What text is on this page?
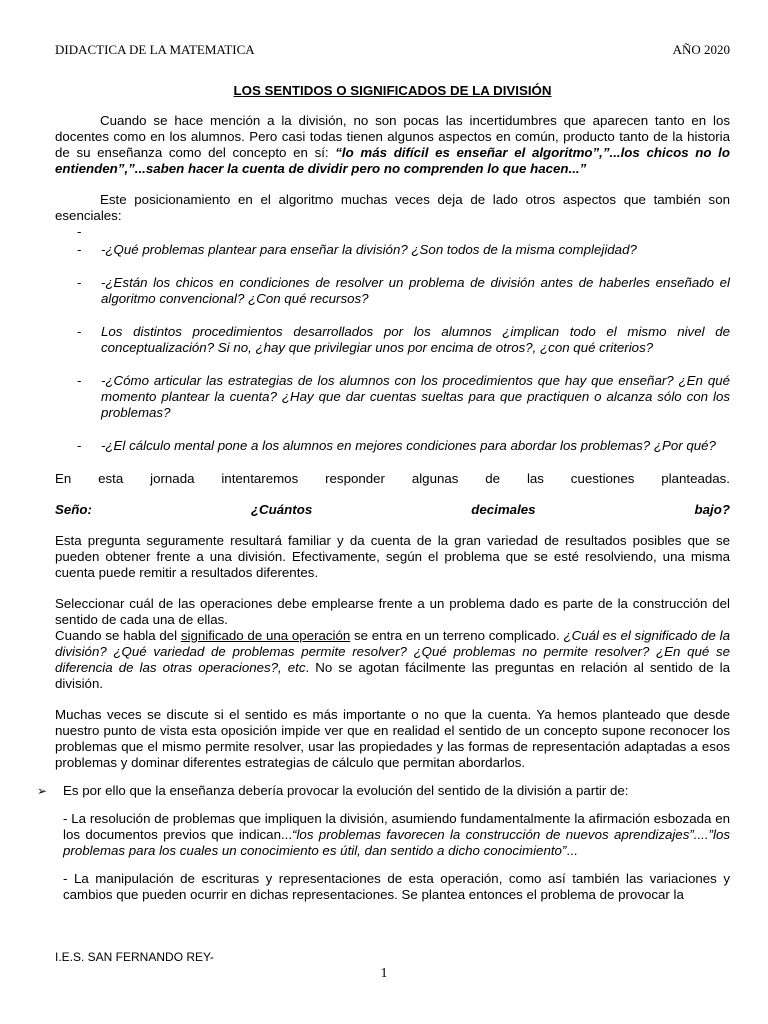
DIDACTICA DE LA MATEMATICA	AÑO 2020
LOS SENTIDOS O SIGNIFICADOS DE LA DIVISIÓN

Cuando se hace mención a la división, no son pocas las incertidumbres que aparecen tanto en los docentes como en los alumnos. Pero casi todas tienen algunos aspectos en común, producto tanto de la historia de su enseñanza como del concepto en sí: “lo más difícil es enseñar el algoritmo”,”...los chicos no lo entienden”,”...saben hacer la cuenta de dividir pero no comprenden lo que hacen...”

Este posicionamiento en el algoritmo muchas veces deja de lado otros aspectos que también son esenciales:

-
- -¿Qué problemas plantear para enseñar la división? ¿Son todos de la misma complejidad?
- -¿Están los chicos en condiciones de resolver un problema de división antes de haberles enseñado el algoritmo convencional? ¿Con qué recursos?
- Los distintos procedimientos desarrollados por los alumnos ¿implican todo el mismo nivel de conceptualización? Si no, ¿hay que privilegiar unos por encima de otros?, ¿con qué criterios?
- -¿Cómo articular las estrategias de los alumnos con los procedimientos que hay que enseñar? ¿En qué momento plantear la cuenta? ¿Hay que dar cuentas sueltas para que practiquen o alcanza sólo con los problemas?
- -¿El cálculo mental pone a los alumnos en mejores condiciones para abordar los problemas? ¿Por qué?

En esta jornada intentaremos responder algunas de las cuestiones planteadas.

Seño:	¿Cuántos decimales bajo?

Esta pregunta seguramente resultará familiar y da cuenta de la gran variedad de resultados posibles que se pueden obtener frente a una división. Efectivamente, según el problema que se esté resolviendo, una misma cuenta puede remitir a resultados diferentes.

Seleccionar cuál de las operaciones debe emplearse frente a un problema dado es parte de la construcción del sentido de cada una de ellas.

Cuando se habla del significado de una operación se entra en un terreno complicado. ¿Cuál es el significado de la división? ¿Qué variedad de problemas permite resolver? ¿Qué problemas no permite resolver? ¿En qué se diferencia de las otras operaciones?, etc. No se agotan fácilmente las preguntas en relación al sentido de la división.

Muchas veces se discute si el sentido es más importante o no que la cuenta. Ya hemos planteado que desde nuestro punto de vista esta oposición impide ver que en realidad el sentido de un concepto supone reconocer los problemas que el mismo permite resolver, usar las propiedades y las formas de representación adaptadas a esos problemas y dominar diferentes estrategias de cálculo que permitan abordarlos.

➢ Es por ello que la enseñanza debería provocar la evolución del sentido de la división a partir de:

- La resolución de problemas que impliquen la división, asumiendo fundamentalmente la afirmación esbozada en los documentos previos que indican...“los problemas favorecen la construcción de nuevos aprendizajes”....”los problemas para los cuales un conocimiento es útil, dan sentido a dicho conocimiento”...

- La manipulación de escrituras y representaciones de esta operación, como así también las variaciones y cambios que pueden ocurrir en dichas representaciones. Se plantea entonces el problema de provocar la

I.E.S. SAN FERNANDO REY-
1
